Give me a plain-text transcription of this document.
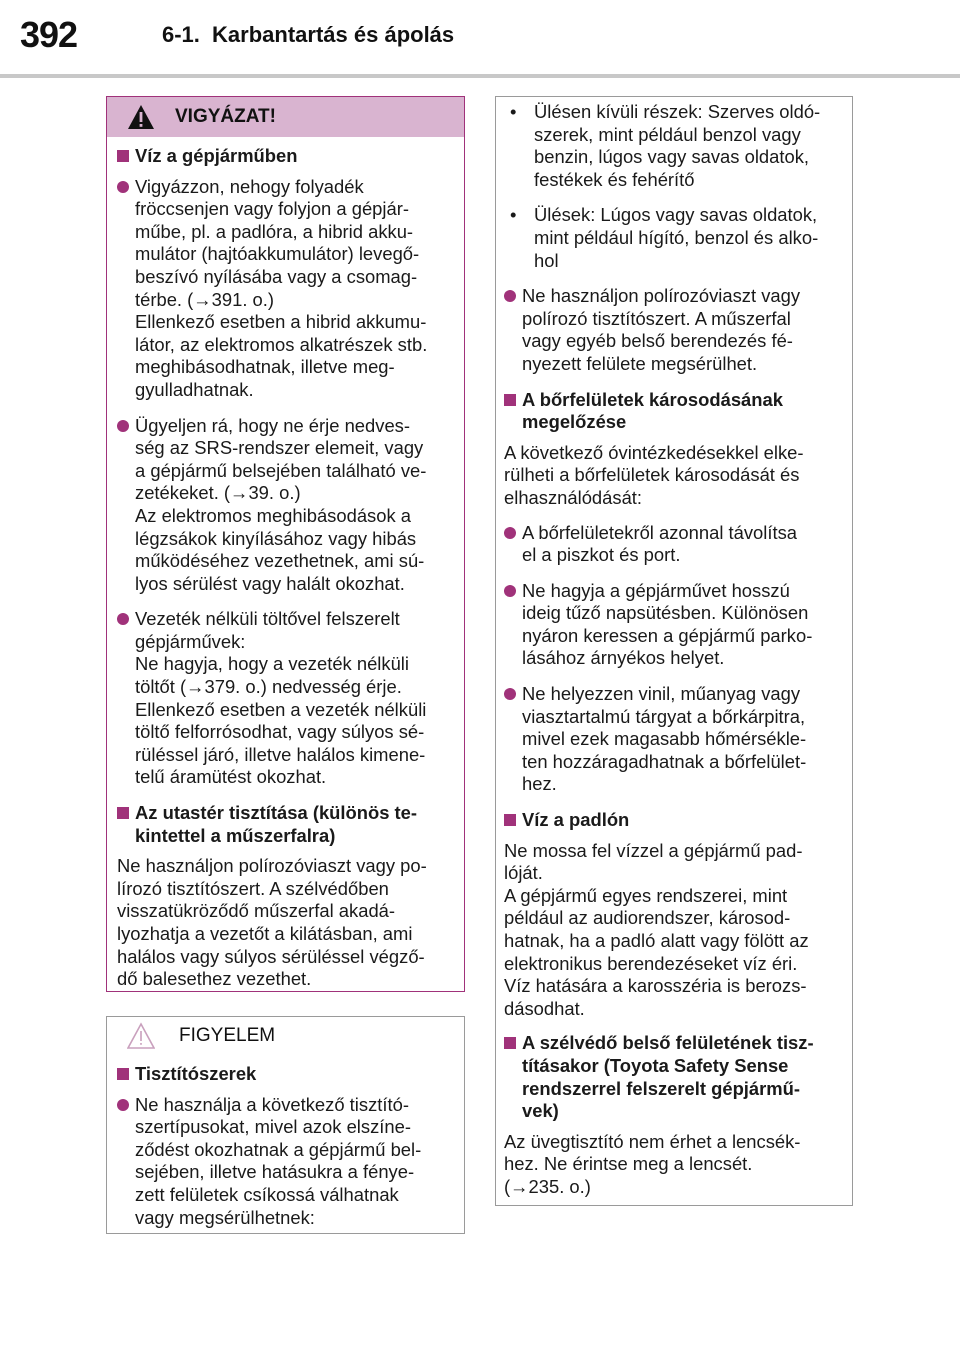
392	6-1. Karbantartás és ápolás
VIGYÁZAT!
Víz a gépjárműben
Vigyázzon, nehogy folyadék
fröccsenjen vagy folyjon a gépjár-
műbe, pl. a padlóra, a hibrid akku-
mulátor (hajtóakkumulátor) levegő-
beszívó nyílásába vagy a csomag-
térbe. (→391. o.)
Ellenkező esetben a hibrid akkumu-
látor, az elektromos alkatrészek stb.
meghibásodhatnak, illetve meg-
gyulladhatnak.
Ügyeljen rá, hogy ne érje nedves-
ség az SRS-rendszer elemeit, vagy
a gépjármű belsejében található ve-
zetékeket. (→39. o.)
Az elektromos meghibásodások a
légzsákok kinyílásához vagy hibás
működéséhez vezethetnek, ami sú-
lyos sérülést vagy halált okozhat.
Vezeték nélküli töltővel felszerelt
gépjárművek:
Ne hagyja, hogy a vezeték nélküli
töltőt (→379. o.) nedvesség érje.
Ellenkező esetben a vezeték nélküli
töltő felforrósodhat, vagy súlyos sé-
rüléssel járó, illetve halálos kimene-
telű áramütést okozhat.
Az utastér tisztítása (különös te-
kintettel a műszerfalra)
Ne használjon polírozóviaszt vagy po-
lírozó tisztítószert. A szélvédőben
visszatükröződő műszerfal akadá-
lyozhatja a vezetőt a kilátásban, ami
halálos vagy súlyos sérüléssel végző-
dő balesethez vezethet.
FIGYELEM
Tisztítószerek
Ne használja a következő tisztító-
szertípusokat, mivel azok elszíne-
ződést okozhatnak a gépjármű bel-
sejében, illetve hatásukra a fénye-
zett felületek csíkossá válhatnak
vagy megsérülhetnek:
• Ülésen kívüli részek: Szerves oldó-
szerek, mint például benzol vagy
benzin, lúgos vagy savas oldatok,
festékek és fehérítő
• Ülések: Lúgos vagy savas oldatok,
mint például hígító, benzol és alko-
hol
Ne használjon polírozóviaszt vagy
polírozó tisztítószert. A műszerfal
vagy egyéb belső berendezés fé-
nyezett felülete megsérülhet.
A bőrfelületek károsodásának
megelőzése
A következő óvintézkedésekkel elke-
rülheti a bőrfelületek károsodását és
elhasználódását:
A bőrfelületekről azonnal távolítsa
el a piszkot és port.
Ne hagyja a gépjárművet hosszú
ideig tűző napsütésben. Különösen
nyáron keressen a gépjármű parko-
lásához árnyékos helyet.
Ne helyezzen vinil, műanyag vagy
viasztartalmú tárgyat a bőrkárpitra,
mivel ezek magasabb hőmérsékle-
ten hozzáragadhatnak a bőrfelület-
hez.
Víz a padlón
Ne mossa fel vízzel a gépjármű pad-
lóját.
A gépjármű egyes rendszerei, mint
például az audiorendszer, károsod-
hatnak, ha a padló alatt vagy fölött az
elektronikus berendezéseket víz éri.
Víz hatására a karosszéria is berozs-
dásodhat.
A szélvédő belső felületének tisz-
tításakor (Toyota Safety Sense
rendszerrel felszerelt gépjármű-
vek)
Az üvegtisztító nem érhet a lencsék-
hez. Ne érintse meg a lencsét.
(→235. o.)
